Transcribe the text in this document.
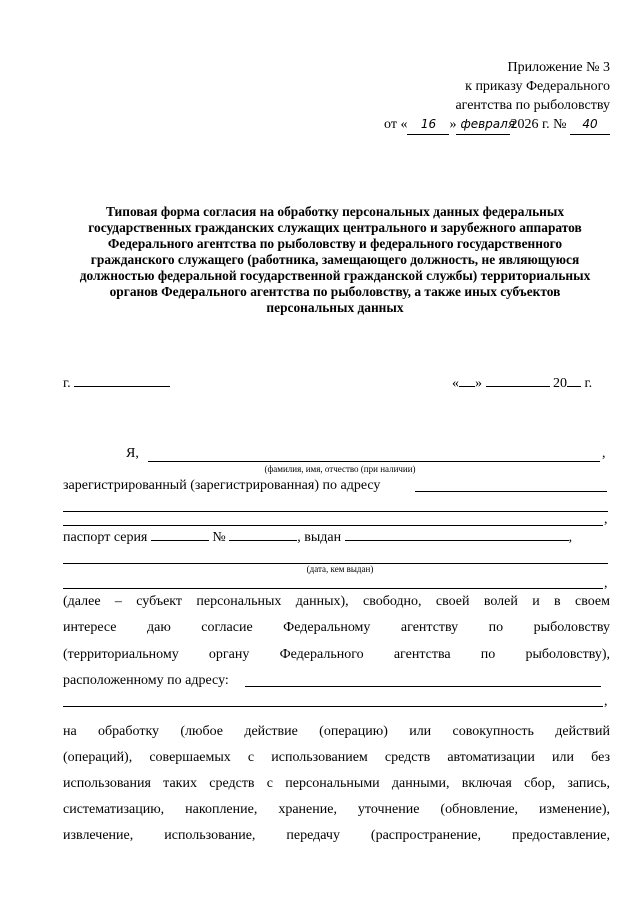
Приложение № 3
к приказу Федерального
агентства по рыболовству
от « 16 » февраля2026 г. № 40
Типовая форма согласия на обработку персональных данных федеральных государственных гражданских служащих центрального и зарубежного аппаратов Федерального агентства по рыболовству и федерального государственного гражданского служащего (работника, замещающего должность, не являющуюся должностью федеральной государственной гражданской службы) территориальных органов Федерального агентства по рыболовству, а также иных субъектов персональных данных
г.	« »	20 г.
Я,	,
(фамилия, имя, отчество (при наличии)
зарегистрированный (зарегистрированная) по адресу
,
паспорт серия	№	, выдан	,
(дата, кем выдан)
,
(далее – субъект персональных данных), свободно, своей волей и в своем
интересе даю согласие Федеральному агентству по рыболовству
(территориальному органу Федерального агентства по рыболовству),
расположенному по адресу:
,
на обработку (любое действие (операцию) или совокупность действий
(операций), совершаемых с использованием средств автоматизации или без
использования таких средств с персональными данными, включая сбор, запись,
систематизацию, накопление, хранение, уточнение (обновление, изменение),
извлечение, использование, передачу (распространение, предоставление,
